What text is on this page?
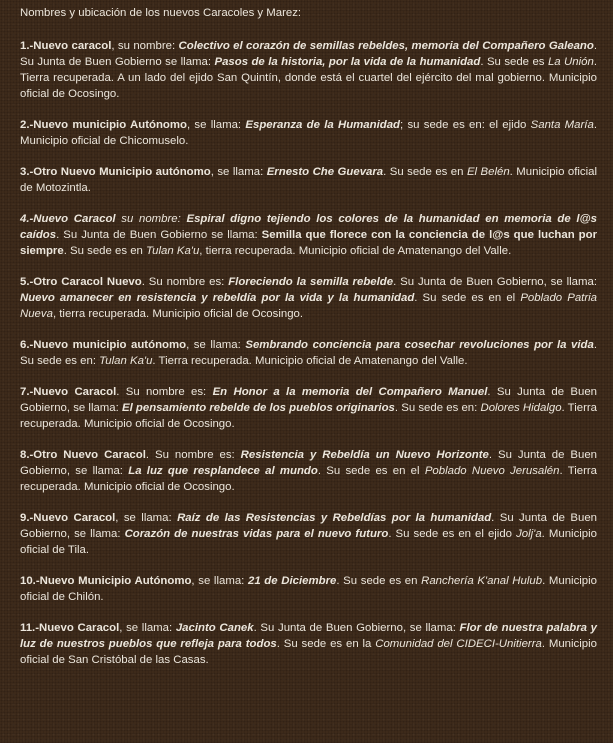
Nombres y ubicación de los nuevos Caracoles y Marez:

1.-Nuevo caracol, su nombre: Colectivo el corazón de semillas rebeldes, memoria del Compañero Galeano. Su Junta de Buen Gobierno se llama: Pasos de la historia, por la vida de la humanidad. Su sede es La Unión. Tierra recuperada. A un lado del ejido San Quintín, donde está el cuartel del ejército del mal gobierno. Municipio oficial de Ocosingo.

2.-Nuevo municipio Autónomo, se llama: Esperanza de la Humanidad; su sede es en: el ejido Santa María. Municipio oficial de Chicomuselo.

3.-Otro Nuevo Municipio autónomo, se llama: Ernesto Che Guevara. Su sede es en El Belén. Municipio oficial de Motozintla.

4.-Nuevo Caracol su nombre: Espiral digno tejiendo los colores de la humanidad en memoria de l@s caídos. Su Junta de Buen Gobierno se llama: Semilla que florece con la conciencia de l@s que luchan por siempre. Su sede es en Tulan Ka'u, tierra recuperada. Municipio oficial de Amatenango del Valle.

5.-Otro Caracol Nuevo. Su nombre es: Floreciendo la semilla rebelde. Su Junta de Buen Gobierno, se llama: Nuevo amanecer en resistencia y rebeldía por la vida y la humanidad. Su sede es en el Poblado Patria Nueva, tierra recuperada. Municipio oficial de Ocosingo.

6.-Nuevo municipio autónomo, se llama: Sembrando conciencia para cosechar revoluciones por la vida. Su sede es en: Tulan Ka'u. Tierra recuperada. Municipio oficial de Amatenango del Valle.

7.-Nuevo Caracol. Su nombre es: En Honor a la memoria del Compañero Manuel. Su Junta de Buen Gobierno, se llama: El pensamiento rebelde de los pueblos originarios. Su sede es en: Dolores Hidalgo. Tierra recuperada. Municipio oficial de Ocosingo.

8.-Otro Nuevo Caracol. Su nombre es: Resistencia y Rebeldía un Nuevo Horizonte. Su Junta de Buen Gobierno, se llama: La luz que resplandece al mundo. Su sede es en el Poblado Nuevo Jerusalén. Tierra recuperada. Municipio oficial de Ocosingo.

9.-Nuevo Caracol, se llama: Raíz de las Resistencias y Rebeldías por la humanidad. Su Junta de Buen Gobierno, se llama: Corazón de nuestras vidas para el nuevo futuro. Su sede es en el ejido Jolj'a. Municipio oficial de Tila.

10.-Nuevo Municipio Autónomo, se llama: 21 de Diciembre. Su sede es en Ranchería K'anal Hulub. Municipio oficial de Chilón.

11.-Nuevo Caracol, se llama: Jacinto Canek. Su Junta de Buen Gobierno, se llama: Flor de nuestra palabra y luz de nuestros pueblos que refleja para todos. Su sede es en la Comunidad del CIDECI-Unitierra. Municipio oficial de San Cristóbal de las Casas.
